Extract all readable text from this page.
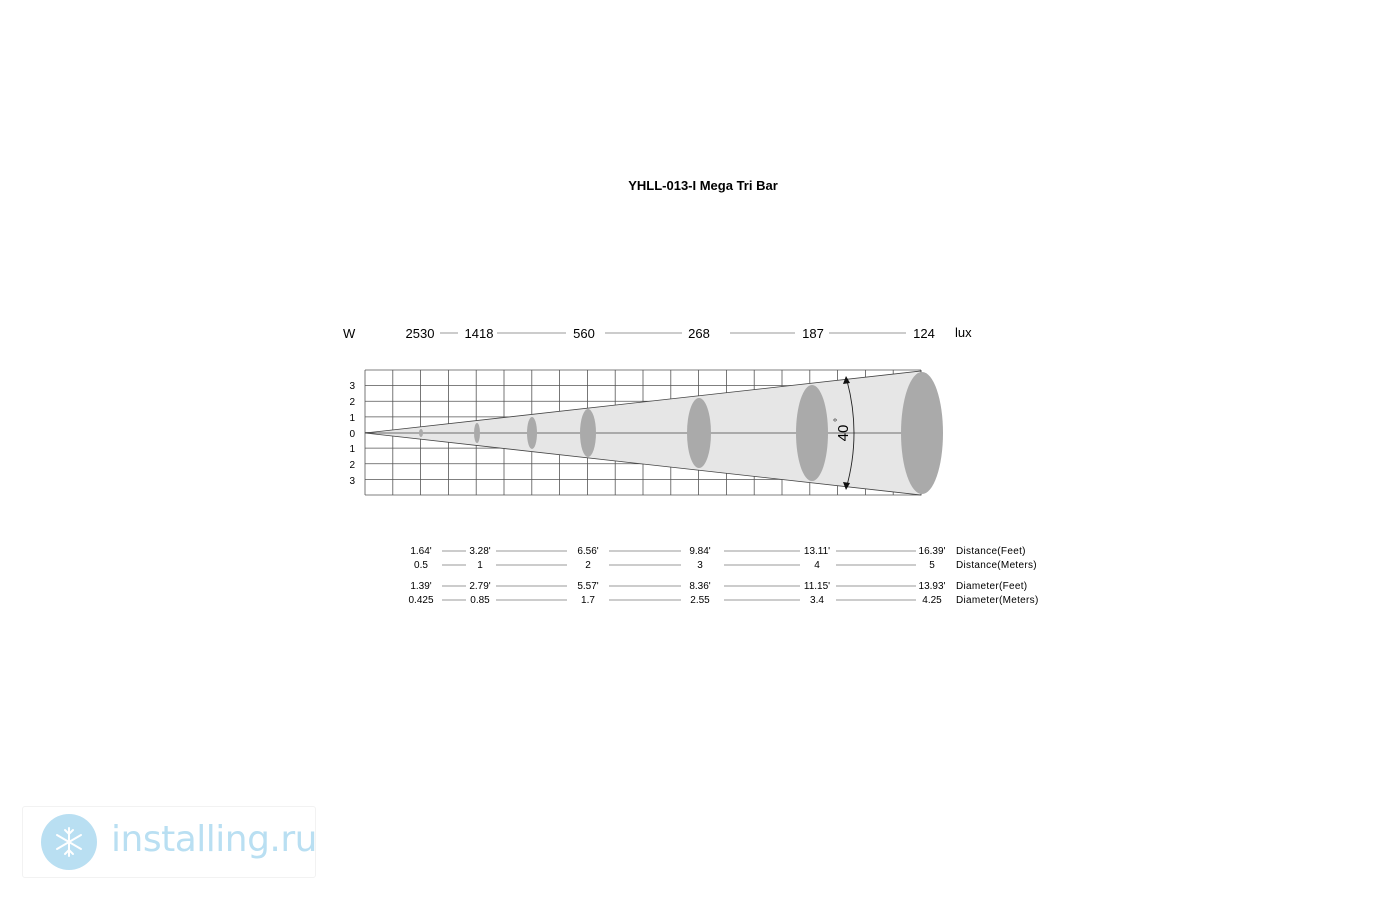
YHLL-013-I Mega Tri Bar
W	2530 1418	560	268	187	124 lux
40
°
3
2
1
0
1
2
3
1.64'	3.28'	6.56'	9.84'	13.11'	16.39' Distance(Feet)
0.5	1	2	3	4	5 Distance(Meters)
1.39'	2.79'	5.57'	8.36'	11.15'	13.93' Diameter(Feet)
0.425	0.85	1.7	2.55	3.4	4.25 Diameter(Meters)
installing.ru
